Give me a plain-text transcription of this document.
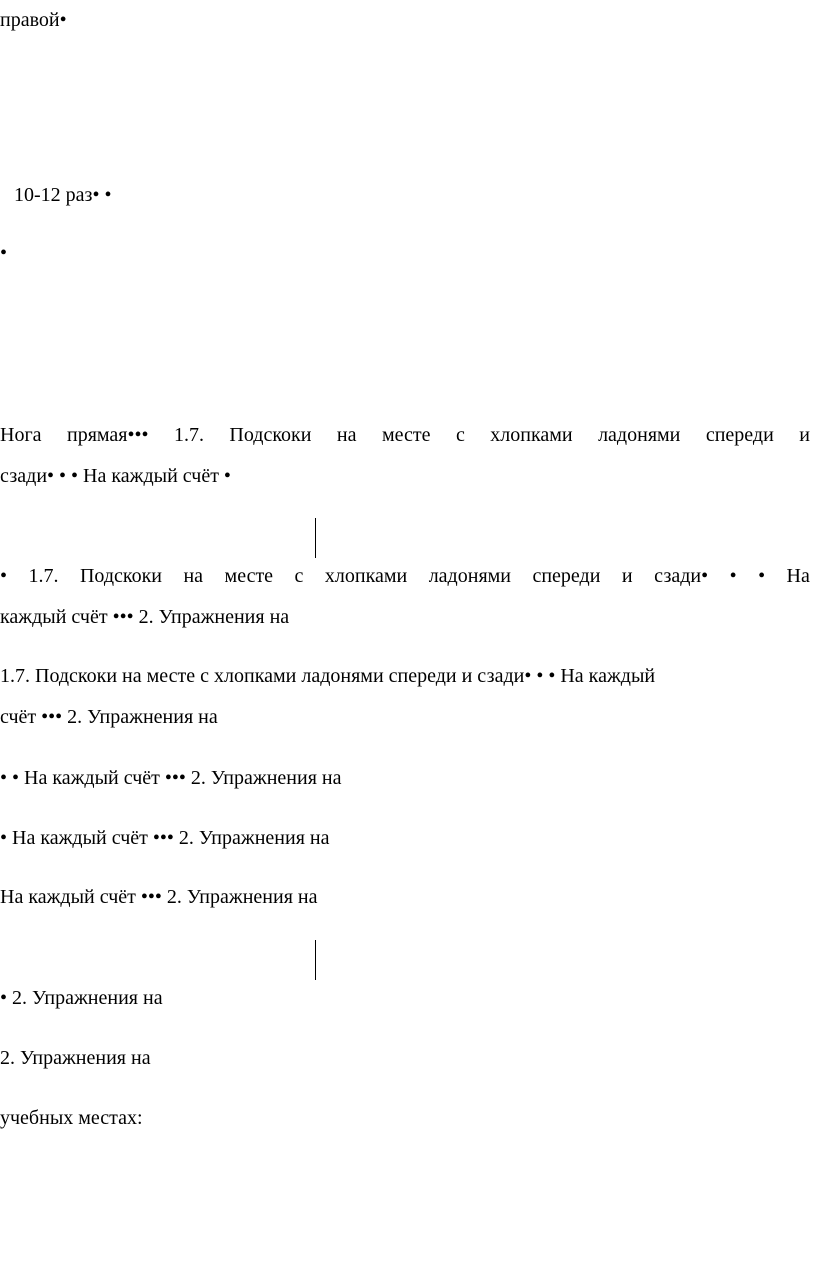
правой•
10-12 раз• •
•
Нога прямая••• 1.7. Подскоки на месте с хлопками ладонями спереди и
сзади• • • На каждый счёт •
• 1.7. Подскоки на месте с хлопками ладонями спереди и сзади• • • На
каждый счёт ••• 2. Упражнения на
1.7. Подскоки на месте с хлопками ладонями спереди и сзади• • • На каждый
счёт ••• 2. Упражнения на
• • На каждый счёт ••• 2. Упражнения на
• На каждый счёт ••• 2. Упражнения на
На каждый счёт ••• 2. Упражнения на
• 2. Упражнения на
2. Упражнения на
учебных местах:
